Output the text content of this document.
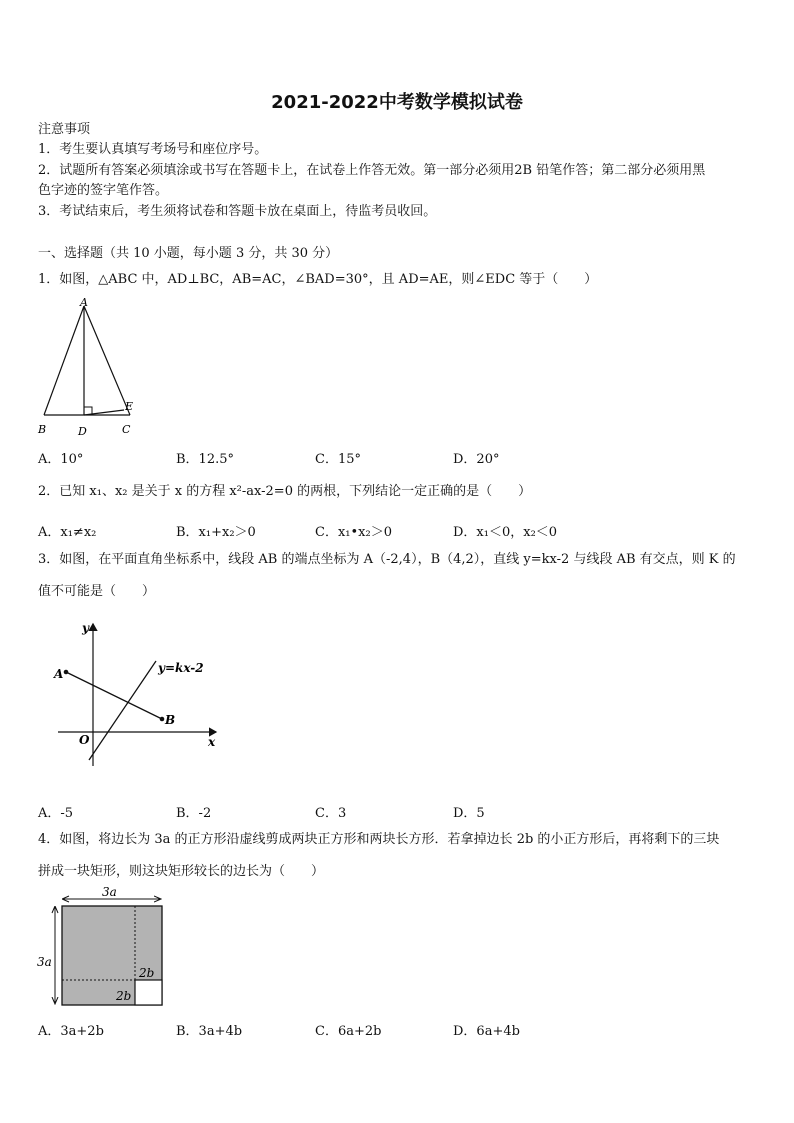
2021-2022中考数学模拟试卷
注意事项
1．考生要认真填写考场号和座位序号。
2．试题所有答案必须填涂或书写在答题卡上，在试卷上作答无效。第一部分必须用2B 铅笔作答；第二部分必须用黑
色字迹的签字笔作答。
3．考试结束后，考生须将试卷和答题卡放在桌面上，待监考员收回。
一、选择题（共 10 小题，每小题 3 分，共 30 分）
1．如图，△ABC 中，AD⊥BC，AB=AC，∠BAD=30°，且 AD=AE，则∠EDC 等于（　　）
A
B	D	C
E
A．10°	B．12.5°	C．15°	D．20°
2．已知 x₁、x₂ 是关于 x 的方程 x²-ax-2=0 的两根，下列结论一定正确的是（　　）
A．x₁≠x₂	B．x₁+x₂＞0	C．x₁•x₂＞0	D．x₁＜0，x₂＜0
3．如图，在平面直角坐标系中，线段 AB 的端点坐标为 A（-2,4），B（4,2），直线 y=kx-2 与线段 AB 有交点，则 K 的
值不可能是（　　）
y
x
O
A
B
y=kx-2
A．-5	B．-2	C．3	D．5
4．如图，将边长为 3a 的正方形沿虚线剪成两块正方形和两块长方形．若拿掉边长 2b 的小正方形后，再将剩下的三块
拼成一块矩形，则这块矩形较长的边长为（　　）
3a
3a
2b
2b
A．3a+2b	B．3a+4b	C．6a+2b	D．6a+4b
